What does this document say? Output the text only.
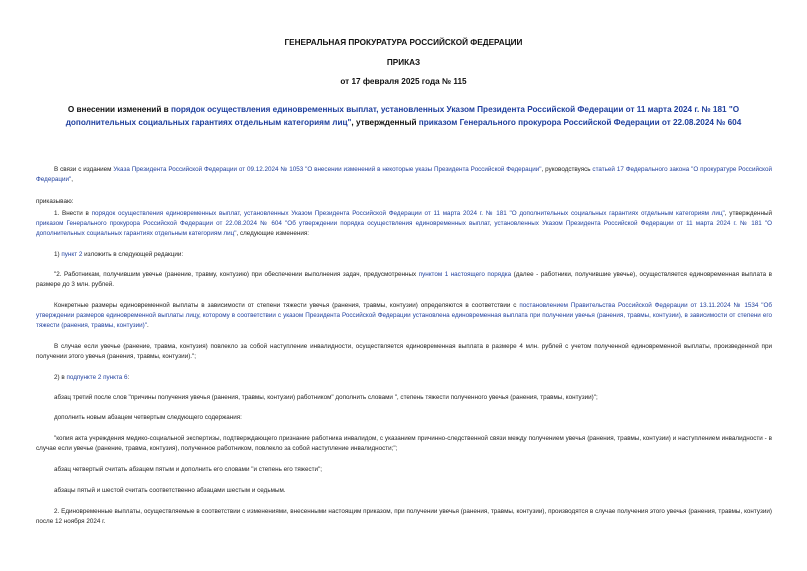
ГЕНЕРАЛЬНАЯ ПРОКУРАТУРА РОССИЙСКОЙ ФЕДЕРАЦИИ
ПРИКАЗ
от 17 февраля 2025 года № 115
О внесении изменений в порядок осуществления единовременных выплат, установленных Указом Президента Российской Федерации от 11 марта 2024 г. № 181 "О дополнительных социальных гарантиях отдельным категориям лиц", утвержденный приказом Генерального прокурора Российской Федерации от 22.08.2024 № 604
В связи с изданием Указа Президента Российской Федерации от 09.12.2024 № 1053 "О внесении изменений в некоторые указы Президента Российской Федерации", руководствуясь статьей 17 Федерального закона "О прокуратуре Российской Федерации",
приказываю:
1. Внести в порядок осуществления единовременных выплат, установленных Указом Президента Российской Федерации от 11 марта 2024 г. № 181 "О дополнительных социальных гарантиях отдельным категориям лиц", утвержденный приказом Генерального прокурора Российской Федерации от 22.08.2024 № 604 "Об утверждении порядка осуществления единовременных выплат, установленных Указом Президента Российской Федерации от 11 марта 2024 г. № 181 "О дополнительных социальных гарантиях отдельным категориям лиц", следующие изменения:
1) пункт 2 изложить в следующей редакции:
"2. Работникам, получившим увечье (ранение, травму, контузию) при обеспечении выполнения задач, предусмотренных пунктом 1 настоящего порядка (далее - работники, получившие увечье), осуществляется единовременная выплата в размере до 3 млн. рублей.
Конкретные размеры единовременной выплаты в зависимости от степени тяжести увечья (ранения, травмы, контузии) определяются в соответствии с постановлением Правительства Российской Федерации от 13.11.2024 № 1534 "Об утверждении размеров единовременной выплаты лицу, которому в соответствии с указом Президента Российской Федерации установлена единовременная выплата при получении увечья (ранения, травмы, контузии), в зависимости от степени его тяжести (ранения, травмы, контузии)".
В случае если увечье (ранение, травма, контузия) повлекло за собой наступление инвалидности, осуществляется единовременная выплата в размере 4 млн. рублей с учетом полученной единовременной выплаты, произведенной при получении этого увечья (ранения, травмы, контузии).";
2) в подпункте 2 пункта 6:
абзац третий после слов "причины получения увечья (ранения, травмы, контузии) работником" дополнить словами ", степень тяжести полученного увечья (ранения, травмы, контузии)";
дополнить новым абзацем четвертым следующего содержания:
"копия акта учреждения медико-социальной экспертизы, подтверждающего признание работника инвалидом, с указанием причинно-следственной связи между получением увечья (ранения, травмы, контузии) и наступлением инвалидности - в случае если увечье (ранение, травма, контузия), полученное работником, повлекло за собой наступление инвалидности;";
абзац четвертый считать абзацем пятым и дополнить его словами "и степень его тяжести";
абзацы пятый и шестой считать соответственно абзацами шестым и седьмым.
2. Единовременные выплаты, осуществляемые в соответствии с изменениями, внесенными настоящим приказом, при получении увечья (ранения, травмы, контузии), производятся в случае получения этого увечья (ранения, травмы, контузии) после 12 ноября 2024 г.
